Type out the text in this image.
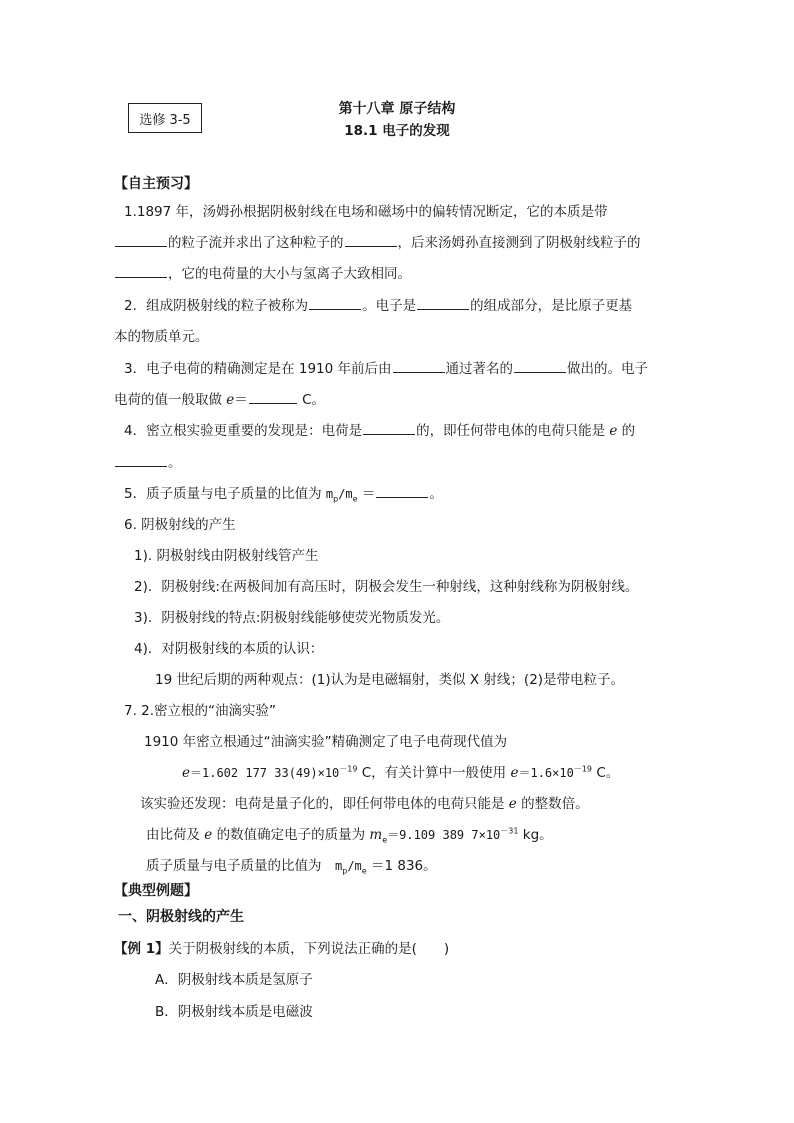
选修 3-5
第十八章 原子结构
18.1 电子的发现
【自主预习】
1.1897 年，汤姆孙根据阴极射线在电场和磁场中的偏转情况断定，它的本质是带
的粒子流并求出了这种粒子的	，后来汤姆孙直接测到了阴极射线粒子的
，它的电荷量的大小与氢离子大致相同。
2．组成阴极射线的粒子被称为	。电子是	的组成部分，是比原子更基
本的物质单元。
3．电子电荷的精确测定是在 1910 年前后由	通过著名的	做出的。电子
电荷的值一般取做 e＝	C。
4．密立根实验更重要的发现是：电荷是	的，即任何带电体的电荷只能是 e 的
。
5．质子质量与电子质量的比值为 $m_p/m_e$ ＝	。
6. 阴极射线的产生
1). 阴极射线由阴极射线管产生
2)．阴极射线:在两极间加有高压时，阴极会发生一种射线，这种射线称为阴极射线。
3)．阴极射线的特点:阴极射线能够使荧光物质发光。
4)．对阴极射线的本质的认识：
19 世纪后期的两种观点：(1)认为是电磁辐射，类似 X 射线；(2)是带电粒子。
7. 2.密立根的“油滴实验”
1910 年密立根通过“油滴实验”精确测定了电子电荷现代值为
e＝1.602 177 $33(49)\times 10^{-19}$ C，有关计算中一般使用 $e=1.6\times 10^{-19}$ C。
该实验还发现：电荷是量子化的，即任何带电体的电荷只能是 e 的整数倍。
由比荷及 e 的数值确定电子的质量为 $m_e=9.109$ 389 $7\times 10^{-31}$ kg。
质子质量与电子质量的比值为　$m_p/m_e =1$ 836。
【典型例题】
一、阴极射线的产生
【例 1】关于阴极射线的本质，下列说法正确的是(　　)
A．阴极射线本质是氢原子
B．阴极射线本质是电磁波
